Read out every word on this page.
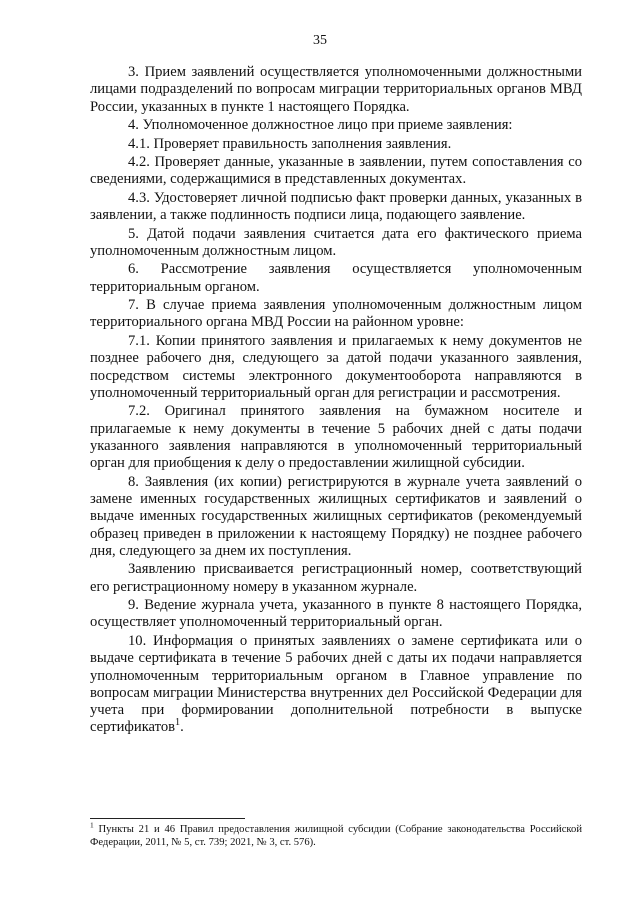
35

3. Прием заявлений осуществляется уполномоченными должностными лицами подразделений по вопросам миграции территориальных органов МВД России, указанных в пункте 1 настоящего Порядка.

4. Уполномоченное должностное лицо при приеме заявления:

4.1. Проверяет правильность заполнения заявления.

4.2. Проверяет данные, указанные в заявлении, путем сопоставления со сведениями, содержащимися в представленных документах.

4.3. Удостоверяет личной подписью факт проверки данных, указанных в заявлении, а также подлинность подписи лица, подающего заявление.

5. Датой подачи заявления считается дата его фактического приема уполномоченным должностным лицом.

6. Рассмотрение заявления осуществляется уполномоченным территориальным органом.

7. В случае приема заявления уполномоченным должностным лицом территориального органа МВД России на районном уровне:

7.1. Копии принятого заявления и прилагаемых к нему документов не позднее рабочего дня, следующего за датой подачи указанного заявления, посредством системы электронного документооборота направляются в уполномоченный территориальный орган для регистрации и рассмотрения.

7.2. Оригинал принятого заявления на бумажном носителе и прилагаемые к нему документы в течение 5 рабочих дней с даты подачи указанного заявления направляются в уполномоченный территориальный орган для приобщения к делу о предоставлении жилищной субсидии.

8. Заявления (их копии) регистрируются в журнале учета заявлений о замене именных государственных жилищных сертификатов и заявлений о выдаче именных государственных жилищных сертификатов (рекомендуемый образец приведен в приложении к настоящему Порядку) не позднее рабочего дня, следующего за днем их поступления.

Заявлению присваивается регистрационный номер, соответствующий его регистрационному номеру в указанном журнале.

9. Ведение журнала учета, указанного в пункте 8 настоящего Порядка, осуществляет уполномоченный территориальный орган.

10. Информация о принятых заявлениях о замене сертификата или о выдаче сертификата в течение 5 рабочих дней с даты их подачи направляется уполномоченным территориальным органом в Главное управление по вопросам миграции Министерства внутренних дел Российской Федерации для учета при формировании дополнительной потребности в выпуске сертификатов$^1$.

$^1$ Пункты 21 и 46 Правил предоставления жилищной субсидии (Собрание законодательства Российской Федерации, 2011, № 5, ст. 739; 2021, № 3, ст. 576).
